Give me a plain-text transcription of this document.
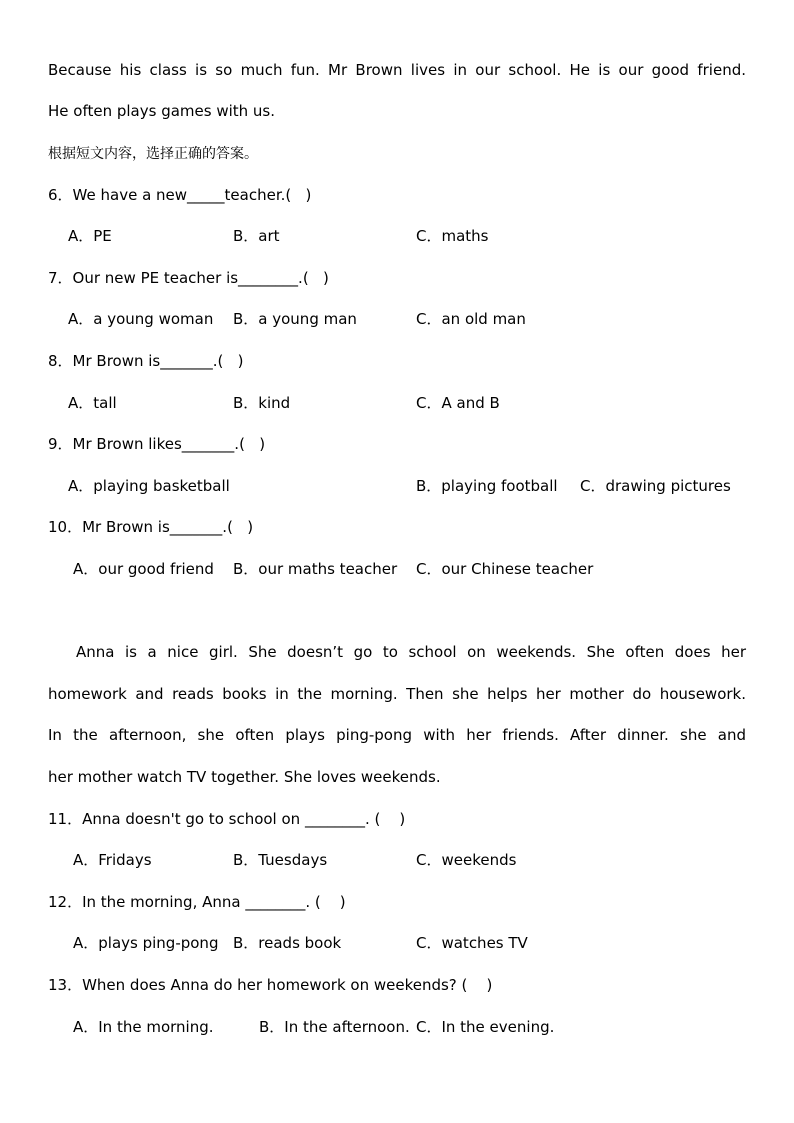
Because his class is so much fun. Mr Brown lives in our school. He is our good friend.
He often plays games with us.
根据短文内容，选择正确的答案。
6．We have a new_____teacher.(   )
A．PE	B．art	C．maths
7．Our new PE teacher is________.(   )
A．a young woman B．a young man	C．an old man
8．Mr Brown is_______.(   )
A．tall	B．kind	C．A and B
9．Mr Brown likes_______.(   )
A．playing basketball	B．playing football C．drawing pictures
10．Mr Brown is_______.(   )
A．our good friend B．our maths teacher C．our Chinese teacher
Anna is a nice girl. She doesn’t go to school on weekends. She often does her
homework and reads books in the morning. Then she helps her mother do housework.
In the afternoon, she often plays ping-pong with her friends. After dinner. she and
her mother watch TV together. She loves weekends.
11．Anna doesn't go to school on ________. (    )
A．Fridays	B．Tuesdays	C．weekends
12．In the morning, Anna ________. (    )
A．plays ping-pong B．reads book	C．watches TV
13．When does Anna do her homework on weekends? (    )
A．In the morning.	B．In the afternoon. C．In the evening.
